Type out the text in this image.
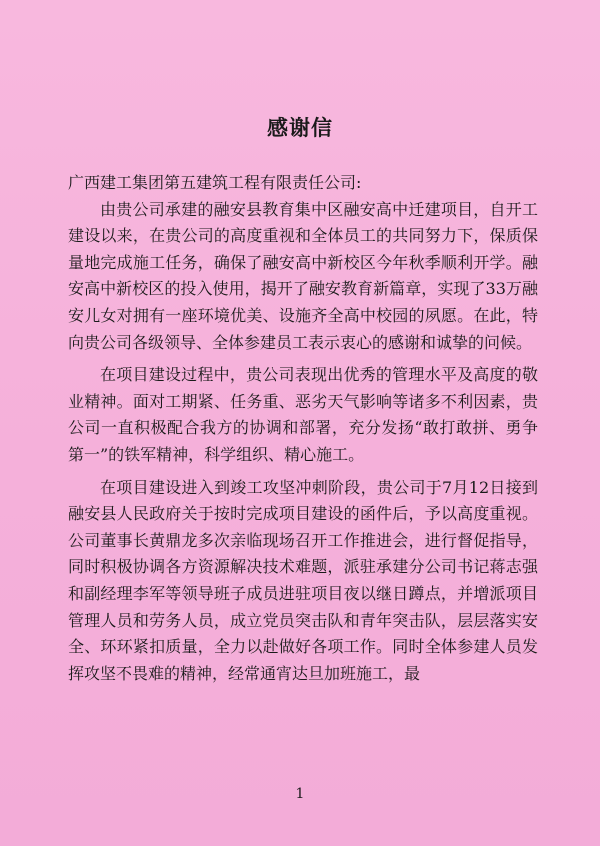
感谢信

广西建工集团第五建筑工程有限责任公司:

由贵公司承建的融安县教育集中区融安高中迁建项目，自开工建设以来，在贵公司的高度重视和全体员工的共同努力下，保质保量地完成施工任务，确保了融安高中新校区今年秋季顺利开学。融安高中新校区的投入使用，揭开了融安教育新篇章，实现了33万融安儿女对拥有一座环境优美、设施齐全高中校园的夙愿。在此，特向贵公司各级领导、全体参建员工表示衷心的感谢和诚挚的问候。

在项目建设过程中，贵公司表现出优秀的管理水平及高度的敬业精神。面对工期紧、任务重、恶劣天气影响等诸多不利因素，贵公司一直积极配合我方的协调和部署，充分发扬“敢打敢拼、勇争第一”的铁军精神，科学组织、精心施工。

在项目建设进入到竣工攻坚冲刺阶段，贵公司于7月12日接到融安县人民政府关于按时完成项目建设的函件后，予以高度重视。公司董事长黄鼎龙多次亲临现场召开工作推进会，进行督促指导，同时积极协调各方资源解决技术难题，派驻承建分公司书记蒋志强和副经理李军等领导班子成员进驻项目夜以继日蹲点，并增派项目管理人员和劳务人员，成立党员突击队和青年突击队，层层落实安全、环环紧扣质量，全力以赴做好各项工作。同时全体参建人员发挥攻坚不畏难的精神，经常通宵达旦加班施工，最

1
